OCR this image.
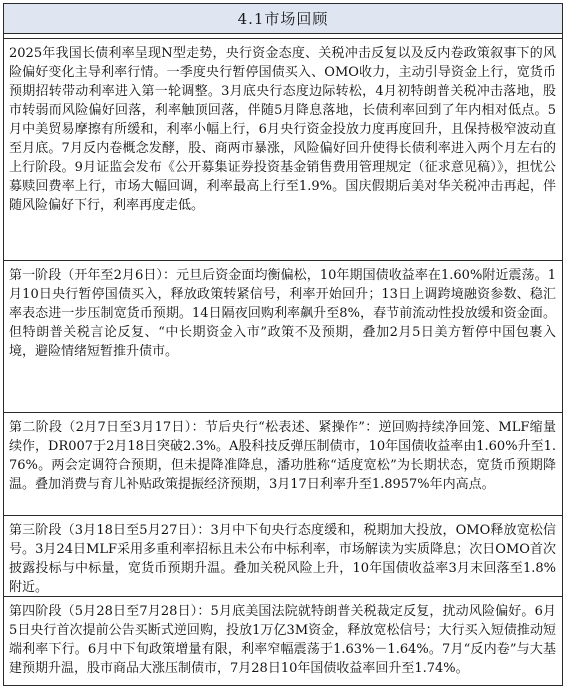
4.1市场回顾

2025年我国长债利率呈现N型走势，央行资金态度、关税冲击反复以及反内卷政策叙事下的风险偏好变化主导利率行情。一季度央行暂停国债买入、OMO收力，主动引导资金上行，宽货币预期招转带动利率进入第一轮调整。3月底央行态度边际转松，4月初特朗普关税冲击落地，股市转弱而风险偏好回落，利率触顶回落，伴随5月降息落地，长债利率回到了年内相对低点。5月中美贸易摩擦有所缓和，利率小幅上行，6月央行资金投放力度再度回升，且保持极窄波动直至月底。7月反内卷概念发酵，股、商两市暴涨，风险偏好回升使得长债利率进入两个月左右的上行阶段。9月证监会发布《公开募集证券投资基金销售费用管理规定（征求意见稿）》，担忧公募赎回费率上行，市场大幅回调，利率最高上行至1.9%。国庆假期后美对华关税冲击再起，伴随风险偏好下行，利率再度走低。

第一阶段（开年至2月6日）：元旦后资金面均衡偏松，10年期国债收益率在1.60%附近震荡。1月10日央行暂停国债买入，释放政策转紧信号，利率开始回升；13日上调跨境融资参数、稳汇率表态进一步压制宽货币预期。14日隔夜回购利率飙升至8%，春节前流动性投放缓和资金面。但特朗普关税言论反复、“中长期资金入市”政策不及预期，叠加2月5日美方暂停中国包裹入境，避险情绪短暂推升债市。

第二阶段（2月7日至3月17日）：节后央行“松表述、紧操作”：逆回购持续净回笼、MLF缩量续作，DR007于2月18日突破2.3%。A股科技反弹压制债市，10年国债收益率由1.60%升至1.76%。两会定调符合预期，但未提降准降息，潘功胜称“适度宽松”为长期状态，宽货币预期降温。叠加消费与育儿补贴政策提振经济预期，3月17日利率升至1.8957%年内高点。

第三阶段（3月18日至5月27日）：3月中下旬央行态度缓和，税期加大投放，OMO释放宽松信号。3月24日MLF采用多重利率招标且未公布中标利率，市场解读为实质降息；次日OMO首次披露投标与中标量，宽货币预期升温。叠加关税风险上升，10年国债收益率3月末回落至1.8%附近。

第四阶段（5月28日至7月28日）：5月底美国法院就特朗普关税裁定反复，扰动风险偏好。6月5日央行首次提前公告买断式逆回购，投放1万亿3M资金，释放宽松信号；大行买入短债推动短端利率下行。6月中下旬政策增量有限，利率窄幅震荡于1.63%－1.64%。7月“反内卷”与大基建预期升温，股市商品大涨压制债市，7月28日10年国债收益率回升至1.74%。
